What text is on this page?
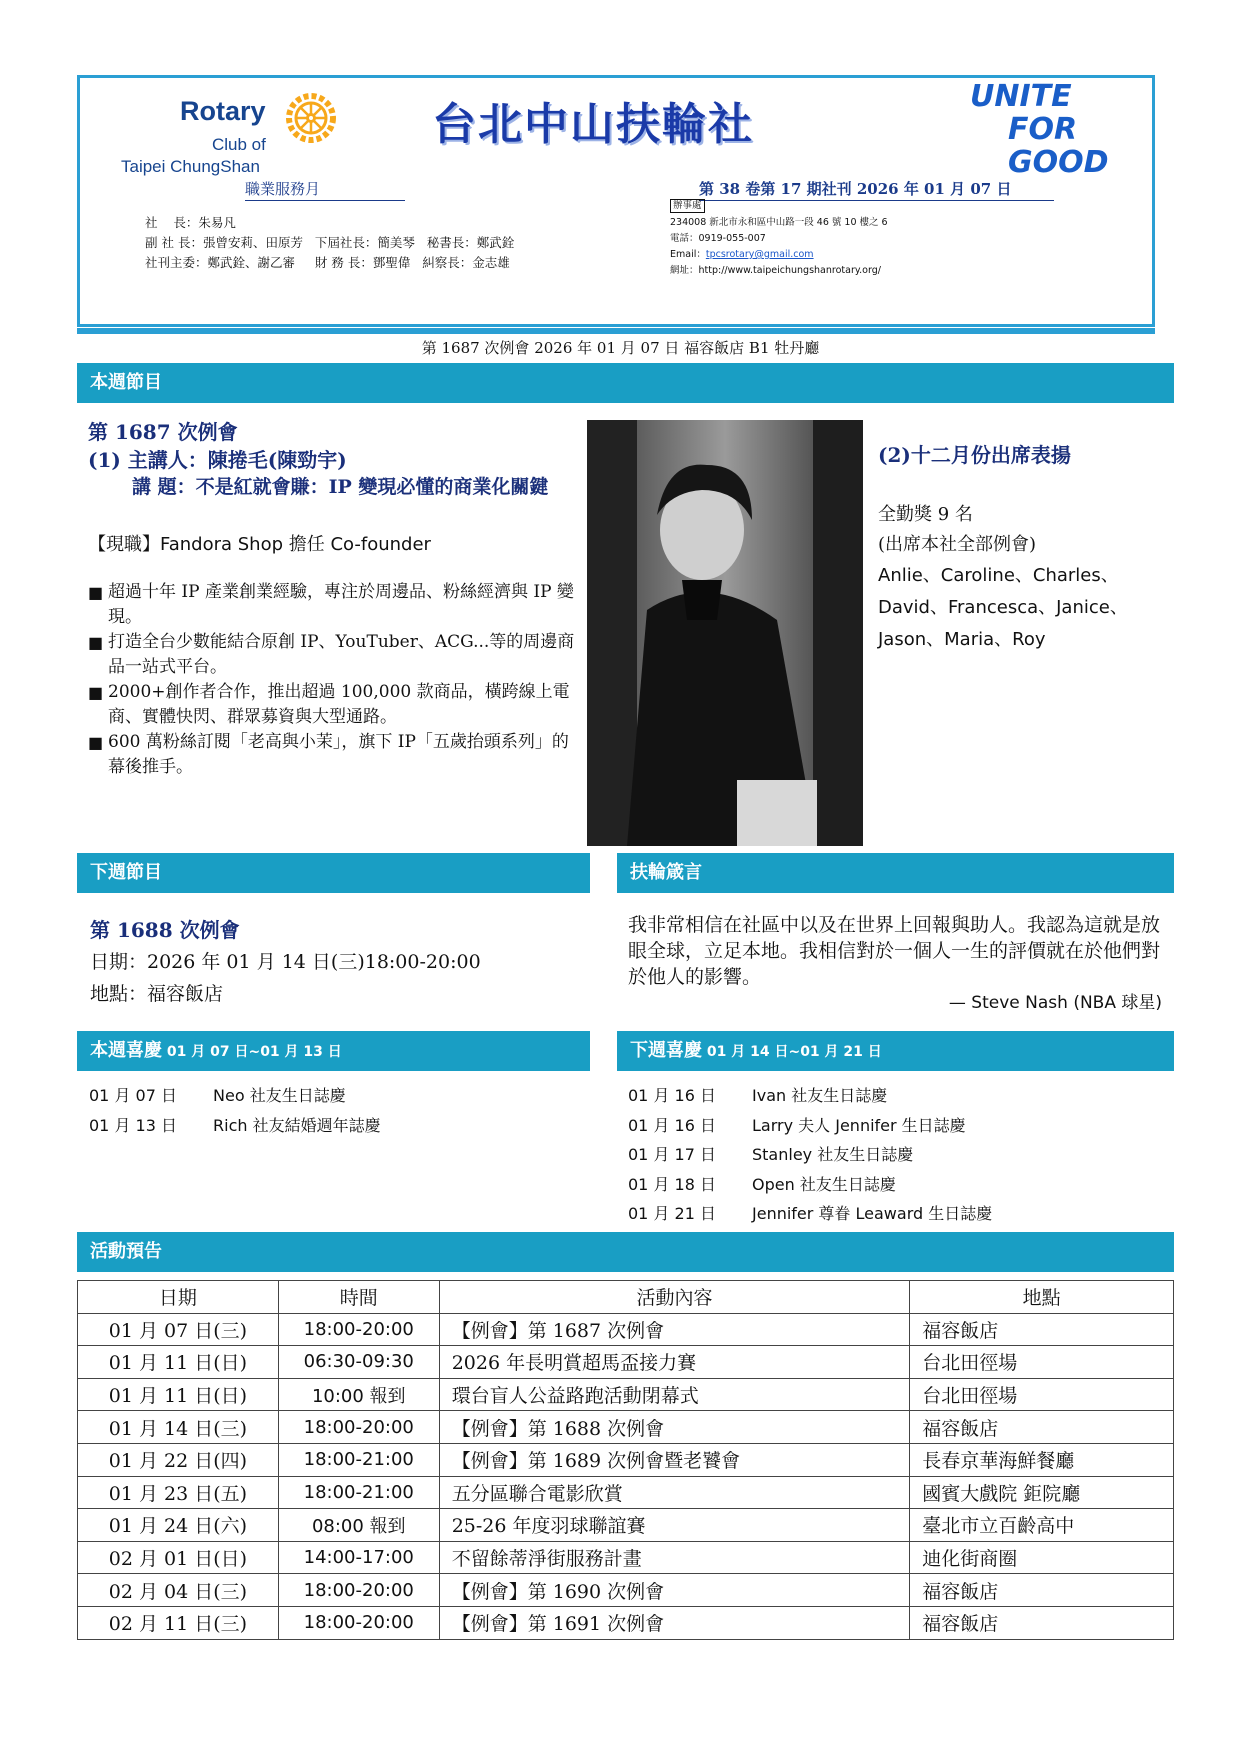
Rotary
Club of
Taipei ChungShan
台北中山扶輪社
UNITE
FOR
GOOD
職業服務月	第 38 卷第 17 期社刊 2026 年 01 月 07 日
社    長：朱易凡
副 社 長：張曾安莉、田原芳   下屆社長：簡美琴   秘書長：鄭武銓
社刊主委：鄭武銓、謝乙審     財 務 長：鄧聖偉   糾察長：金志雄
辦事處
234008 新北市永和區中山路一段 46 號 10 樓之 6
電話：0919-055-007
Email：tpcsrotary@gmail.com
網址：http://www.taipeichungshanrotary.org/
第 1687 次例會 2026 年 01 月 07 日 福容飯店 B1 牡丹廳
本週節目
第 1687 次例會
(1) 主講人：陳捲毛(陳勁宇)
講 題：不是紅就會賺：IP 變現必懂的商業化關鍵
【現職】Fandora Shop 擔任 Co-founder
■ 超過十年 IP 產業創業經驗，專注於周邊品、粉絲經濟與 IP 變現。
■ 打造全台少數能結合原創 IP、YouTuber、ACG...等的周邊商品一站式平台。
■ 2000+創作者合作，推出超過 100,000 款商品，橫跨線上電商、實體快閃、群眾募資與大型通路。
■ 600 萬粉絲訂閱「老高與小茉」，旗下 IP「五歲抬頭系列」的幕後推手。
(2)十二月份出席表揚
全勤獎 9 名
(出席本社全部例會)
Anlie、Caroline、Charles、David、Francesca、Janice、Jason、Maria、Roy
下週節目	扶輪箴言
第 1688 次例會
日期：2026 年 01 月 14 日(三)18:00-20:00
地點：福容飯店
我非常相信在社區中以及在世界上回報與助人。我認為這就是放眼全球，立足本地。我相信對於一個人一生的評價就在於他們對於他人的影響。
— Steve Nash (NBA 球星)
本週喜慶 01 月 07 日~01 月 13 日	下週喜慶 01 月 14 日~01 月 21 日
01 月 07 日 Neo 社友生日誌慶
01 月 13 日 Rich 社友結婚週年誌慶
01 月 16 日 Ivan 社友生日誌慶
01 月 16 日 Larry 夫人 Jennifer 生日誌慶
01 月 17 日 Stanley 社友生日誌慶
01 月 18 日 Open 社友生日誌慶
01 月 21 日 Jennifer 尊眷 Leaward 生日誌慶
活動預告
日期	時間	活動內容	地點
01 月 07 日(三)	18:00-20:00	【例會】第 1687 次例會	福容飯店
01 月 11 日(日)	06:30-09:30	2026 年長明賞超馬盃接力賽	台北田徑場
01 月 11 日(日)	10:00 報到	環台盲人公益路跑活動閉幕式	台北田徑場
01 月 14 日(三)	18:00-20:00	【例會】第 1688 次例會	福容飯店
01 月 22 日(四)	18:00-21:00	【例會】第 1689 次例會暨老饕會	長春京華海鮮餐廳
01 月 23 日(五)	18:00-21:00	五分區聯合電影欣賞	國賓大戲院 鉅院廳
01 月 24 日(六)	08:00 報到	25-26 年度羽球聯誼賽	臺北市立百齡高中
02 月 01 日(日)	14:00-17:00	不留餘蒂淨街服務計畫	迪化街商圈
02 月 04 日(三)	18:00-20:00	【例會】第 1690 次例會	福容飯店
02 月 11 日(三)	18:00-20:00	【例會】第 1691 次例會	福容飯店
